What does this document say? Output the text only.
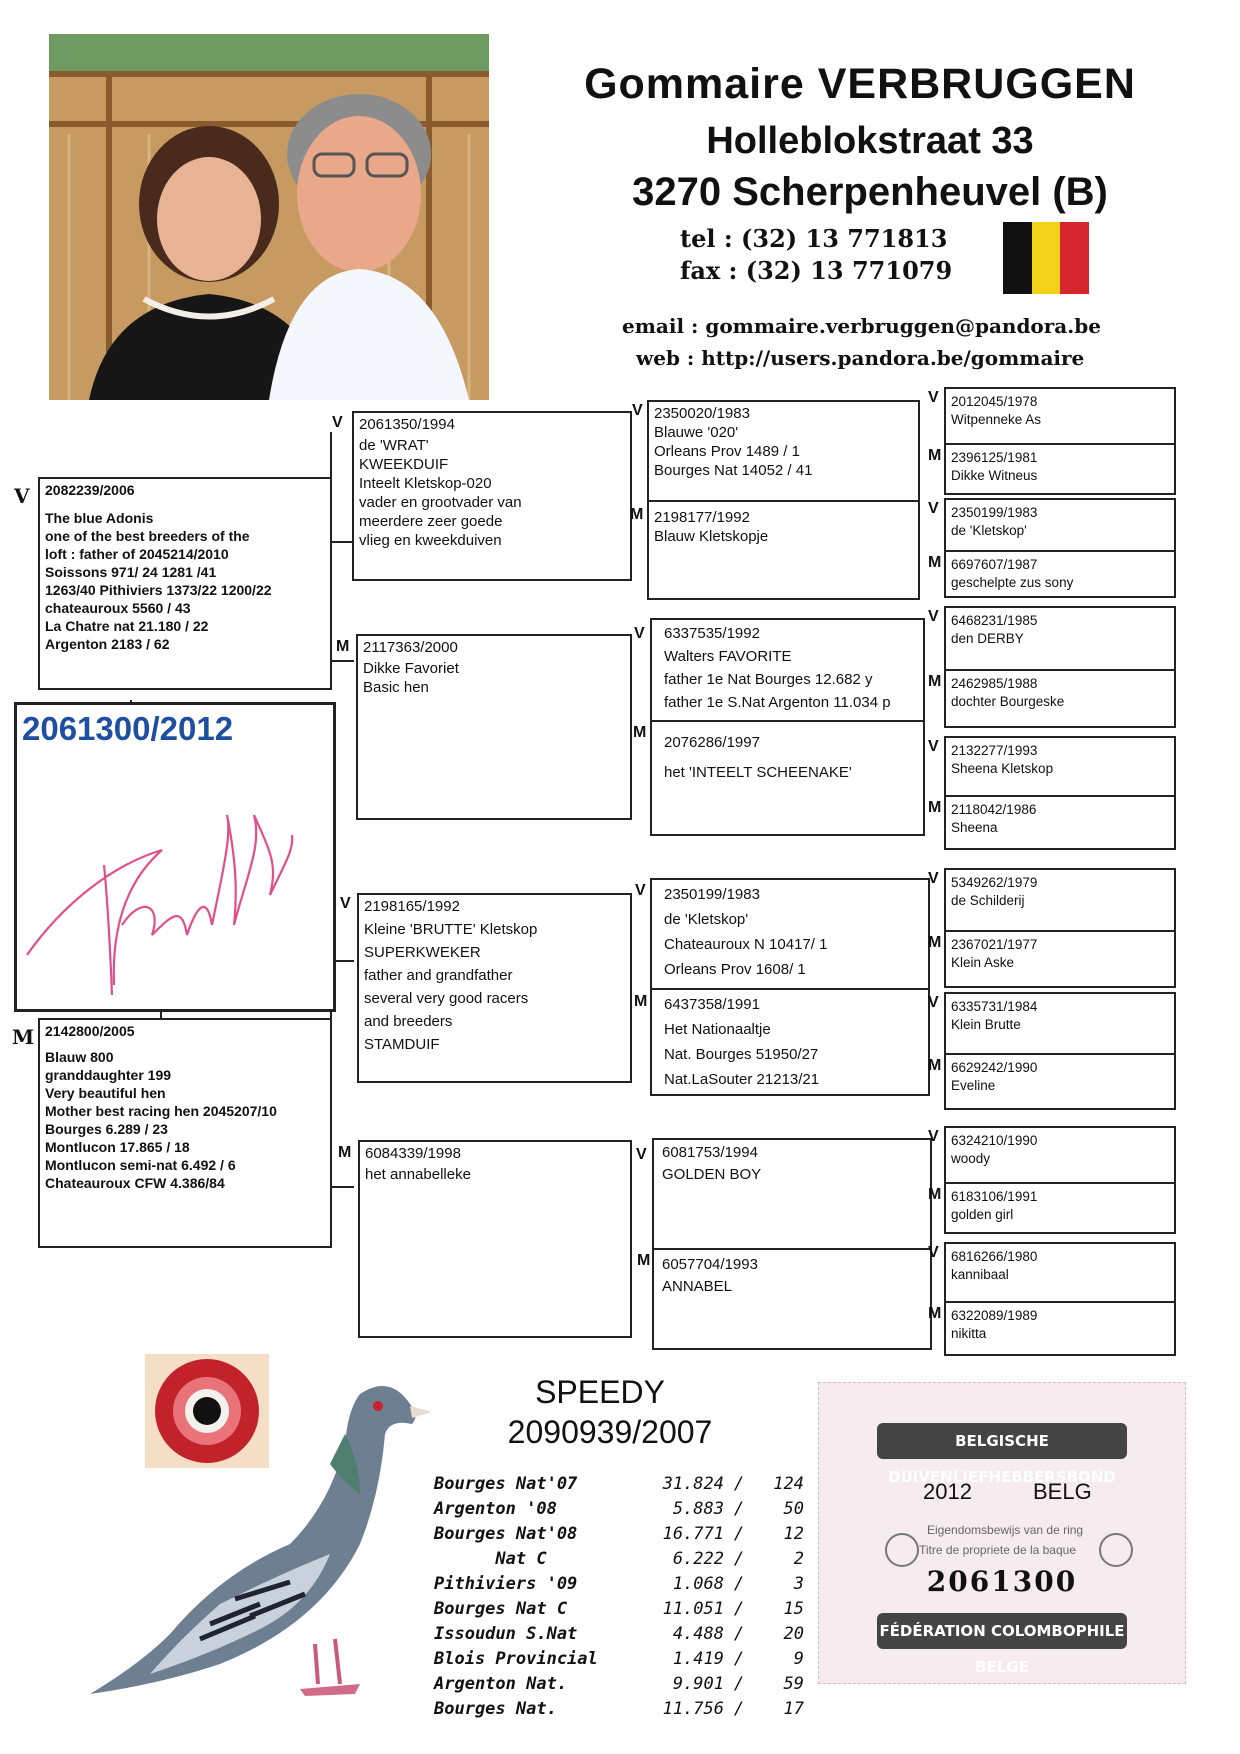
Gommaire VERBRUGGEN
Holleblokstraat 33
3270 Scherpenheuvel (B)
tel : (32) 13 771813
fax : (32) 13 771079
email : gommaire.verbruggen@pandora.be
web : http://users.pandora.be/gommaire
V	2082239/2006
The blue Adonis
one of the best breeders of the
loft : father of 2045214/2010
Soissons 971/ 24 1281 /41
1263/40 Pithiviers 1373/22 1200/22
chateauroux 5560 / 43
La Chatre nat 21.180 / 22
Argenton 2183 / 62
2061300/2012
M 2142800/2005
Blauw 800
granddaughter 199
Very beautiful hen
Mother best racing hen 2045207/10
Bourges 6.289 / 23
Montlucon 17.865 / 18
Montlucon semi-nat 6.492 / 6
Chateauroux CFW 4.386/84
V	2061350/1994
de 'WRAT'
KWEEKDUIF
Inteelt Kletskop-020
vader en grootvader van
meerdere zeer goede
vlieg en kweekduiven
M 2117363/2000
Dikke Favoriet
Basic hen
V 2198165/1992
Kleine 'BRUTTE' Kletskop
SUPERKWEKER
father and grandfather
several very good racers
and breeders
STAMDUIF
M 6084339/1998
het annabelleke
2350020/1983
Blauwe '020'
Orleans Prov 1489 / 1
Bourges Nat 14052 / 41
2198177/1992
Blauw Kletskopje
V
M
6337535/1992
Walters FAVORITE
father 1e Nat Bourges 12.682 y
father 1e S.Nat Argenton 11.034 p
2076286/1997
het 'INTEELT SCHEENAKE'
V
M
2350199/1983
de 'Kletskop'
Chateauroux N 10417/ 1
Orleans Prov 1608/ 1
6437358/1991
Het Nationaaltje
Nat. Bourges 51950/27
Nat.LaSouter 21213/21
V
M
6081753/1994
GOLDEN BOY
6057704/1993
ANNABEL
V
M
V
M
2012045/1978
Witpenneke As
2396125/1981
Dikke Witneus
V
M
2350199/1983
de 'Kletskop'
6697607/1987
geschelpte zus sony
V
M
6468231/1985
den DERBY
2462985/1988
dochter Bourgeske
V
M
2132277/1993
Sheena Kletskop
2118042/1986
Sheena
V
M
5349262/1979
de Schilderij
2367021/1977
Klein Aske
V
M
6335731/1984
Klein Brutte
6629242/1990
Eveline
V
M
6324210/1990
woody
6183106/1991
golden girl
V
M
6816266/1980
kannibaal
6322089/1989
nikitta
SPEEDY
2090939/2007
Bourges Nat'07	31.824 /	124
Argenton '08	5.883 /	50
Bourges Nat'08	16.771 /	12
Nat C	6.222 /	2
Pithiviers '09	1.068 /	3
Bourges Nat C	11.051 /	15
Issoudun S.Nat	4.488 /	20
Blois Provincial	1.419 /	9
Argenton Nat.	9.901 /	59
Bourges Nat.	11.756 /	17
BELGISCHE DUIVENLIEFHEBBERSBOND
2012	BELG
Eigendomsbewijs van de ring
Titre de propriete de la baque
2061300
FÉDÉRATION COLOMBOPHILE BELGE
